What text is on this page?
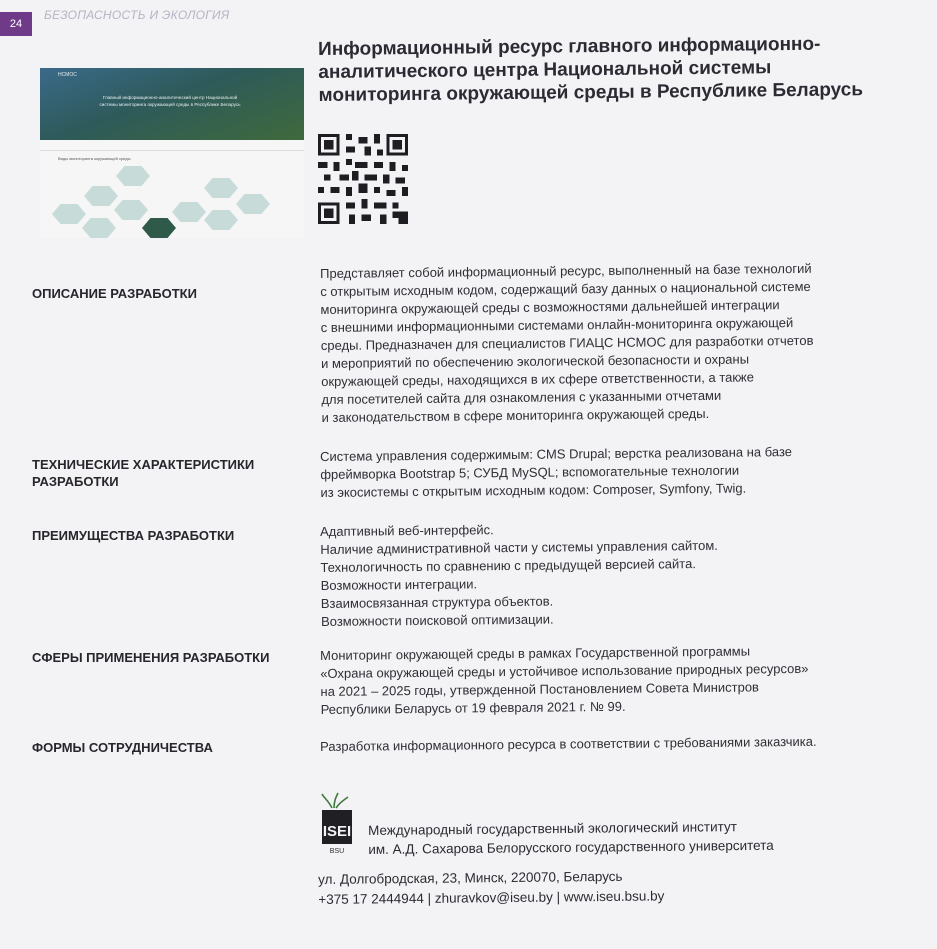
24
БЕЗОПАСНОСТЬ И ЭКОЛОГИЯ
НСМОС
Главный информационно-аналитический центр Национальной системы мониторинга окружающей среды в Республике Беларусь
Виды мониторинга окружающей среды
Информационный ресурс главного информационно-
аналитического центра Национальной системы
мониторинга окружающей среды в Республике Беларусь
ОПИСАНИЕ РАЗРАБОТКИ
Представляет собой информационный ресурс, выполненный на базе технологий
с открытым исходным кодом, содержащий базу данных о национальной системе
мониторинга окружающей среды с возможностями дальнейшей интеграции
с внешними информационными системами онлайн-мониторинга окружающей
среды. Предназначен для специалистов ГИАЦС НСМОС для разработки отчетов
и мероприятий по обеспечению экологической безопасности и охраны
окружающей среды, находящихся в их сфере ответственности, а также
для посетителей сайта для ознакомления с указанными отчетами
и законодательством в сфере мониторинга окружающей среды.
ТЕХНИЧЕСКИЕ ХАРАКТЕРИСТИКИ
РАЗРАБОТКИ
Система управления содержимым: CMS Drupal; верстка реализована на базе
фреймворка Bootstrap 5; СУБД MySQL; вспомогательные технологии
из экосистемы с открытым исходным кодом: Composer, Symfony, Twig.
ПРЕИМУЩЕСТВА РАЗРАБОТКИ	Адаптивный веб-интерфейс.
Наличие административной части у системы управления сайтом.
Технологичность по сравнению с предыдущей версией сайта.
Возможности интеграции.
Взаимосвязанная структура объектов.
Возможности поисковой оптимизации.
СФЕРЫ ПРИМЕНЕНИЯ РАЗРАБОТКИ	Мониторинг окружающей среды в рамках Государственной программы
«Охрана окружающей среды и устойчивое использование природных ресурсов»
на 2021 – 2025 годы, утвержденной Постановлением Совета Министров
Республики Беларусь от 19 февраля 2021 г. № 99.
ФОРМЫ СОТРУДНИЧЕСТВА	Разработка информационного ресурса в соответствии с требованиями заказчика.
ISEI
BSU
Международный государственный экологический институт
им. А.Д. Сахарова Белорусского государственного университета
ул. Долгобродская, 23, Минск, 220070, Беларусь
+375 17 2444944 | zhuravkov@iseu.by | www.iseu.bsu.by
